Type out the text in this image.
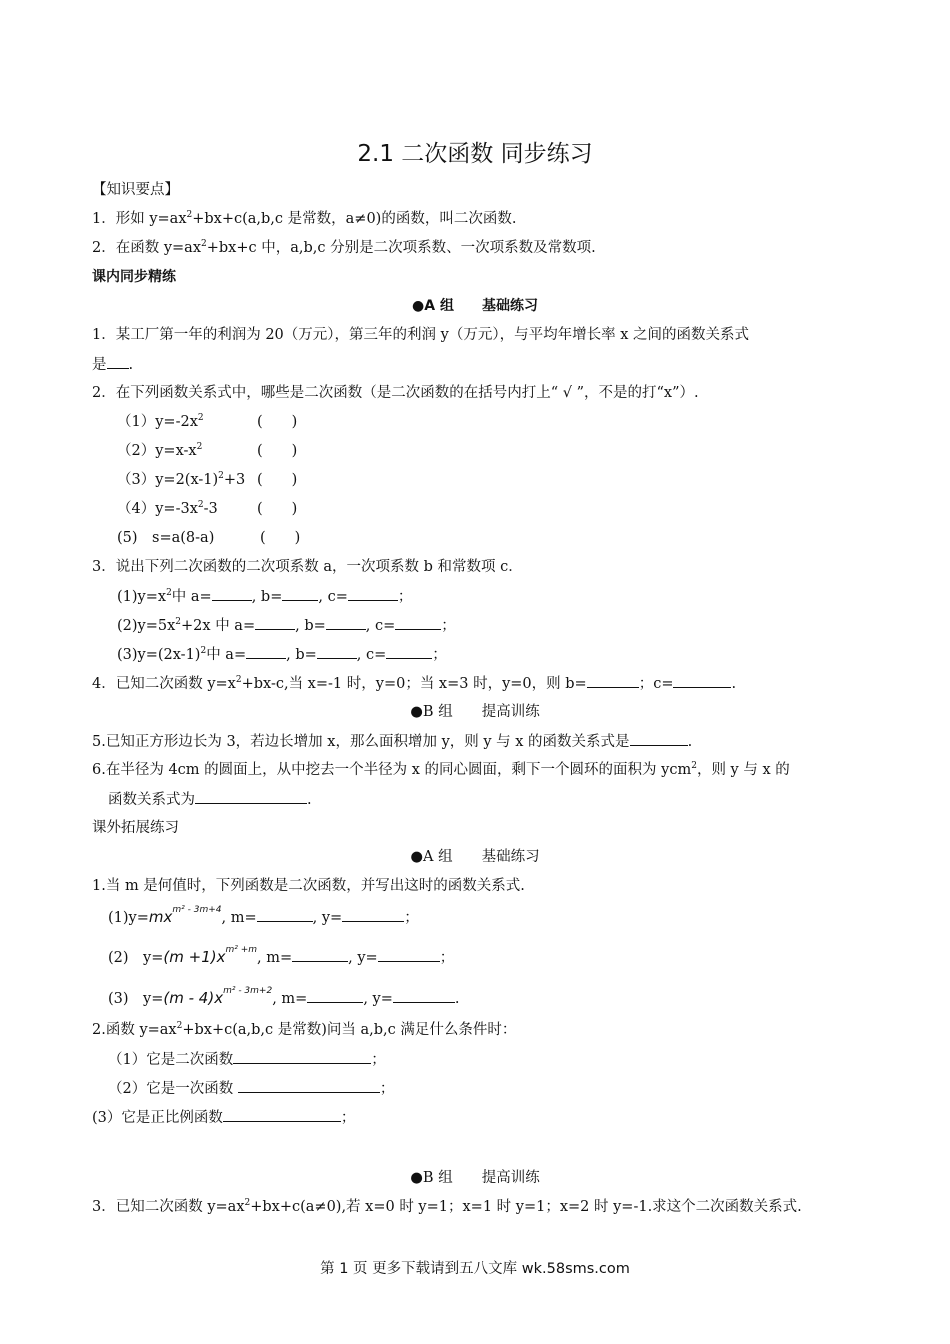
2.1 二次函数 同步练习
【知识要点】
1．形如 $y=ax^2+bx+c(a,b,c$ 是常数，a≠0)的函数，叫二次函数.
2．在函数 $y=ax^2+bx+c$ 中，a,b,c 分别是二次项系数、一次项系数及常数项.
课内同步精练
●A 组　　基础练习
1．某工厂第一年的利润为 20（万元），第三年的利润 y（万元），与平均年增长率 x 之间的函数关系式
是 .
2．在下列函数关系式中，哪些是二次函数（是二次函数的在括号内打上“ √ ”，不是的打“x”）.
$(1)y=-2x^2$	(　　)
$(2)y=x-x^2$	(　　)
$(3)y=2(x-1)^2+3$ (　　)
$(4)y=-3x^2-3$	(　　)
(5)　s=a(8-a)	(　　)
3．说出下列二次函数的二次项系数 a，一次项系数 b 和常数项 c．
$(1)y=x^2$中 a=	, b= , c=	；
$(2)y=5x^2+2x$ 中 a=	, b=	, c=	；
$(3)y=(2x-1)^2$中 a=	, b=	, c=	；
4．已知二次函数 $y=x^2+bx-c$,当 x=-1 时，y=0；当 x=3 时，y=0，则 b=	；c=	.
●B 组　　提高训练
5.已知正方形边长为 3，若边长增加 x，那么面积增加 y，则 y 与 x 的函数关系式是	.
6.在半径为 4cm 的圆面上，从中挖去一个半径为 x 的同心圆面，剩下一个圆环的面积为 ycm$^2$，则 y 与 x 的
函数关系式为	.
课外拓展练习
●A 组　　基础练习
1.当 m 是何值时，下列函数是二次函数，并写出这时的函数关系式.
$(1)y=mx^{m^2 - 3m+4}$, m=	, y=	；
(2)　$y=(m +1)x^{m^2 +m}$, m=	, y=	；
(3)　$y=(m - 4)x^{m^2 - 3m+2}$, m=	, y=	.
2.函数 $y=ax^2+bx+c(a,b,c$ 是常数)问当 a,b,c 满足什么条件时：
（1）它是二次函数	；
（2）它是一次函数	；
(3）它是正比例函数	；
●B 组　　提高训练
3．已知二次函数 $y=ax^2+bx+c(a\ne 0)$,若 x=0 时 y=1；x=1 时 y=1；x=2 时 y=-1.求这个二次函数关系式.
第 1 页 更多下载请到五八文库 wk.58sms.com
